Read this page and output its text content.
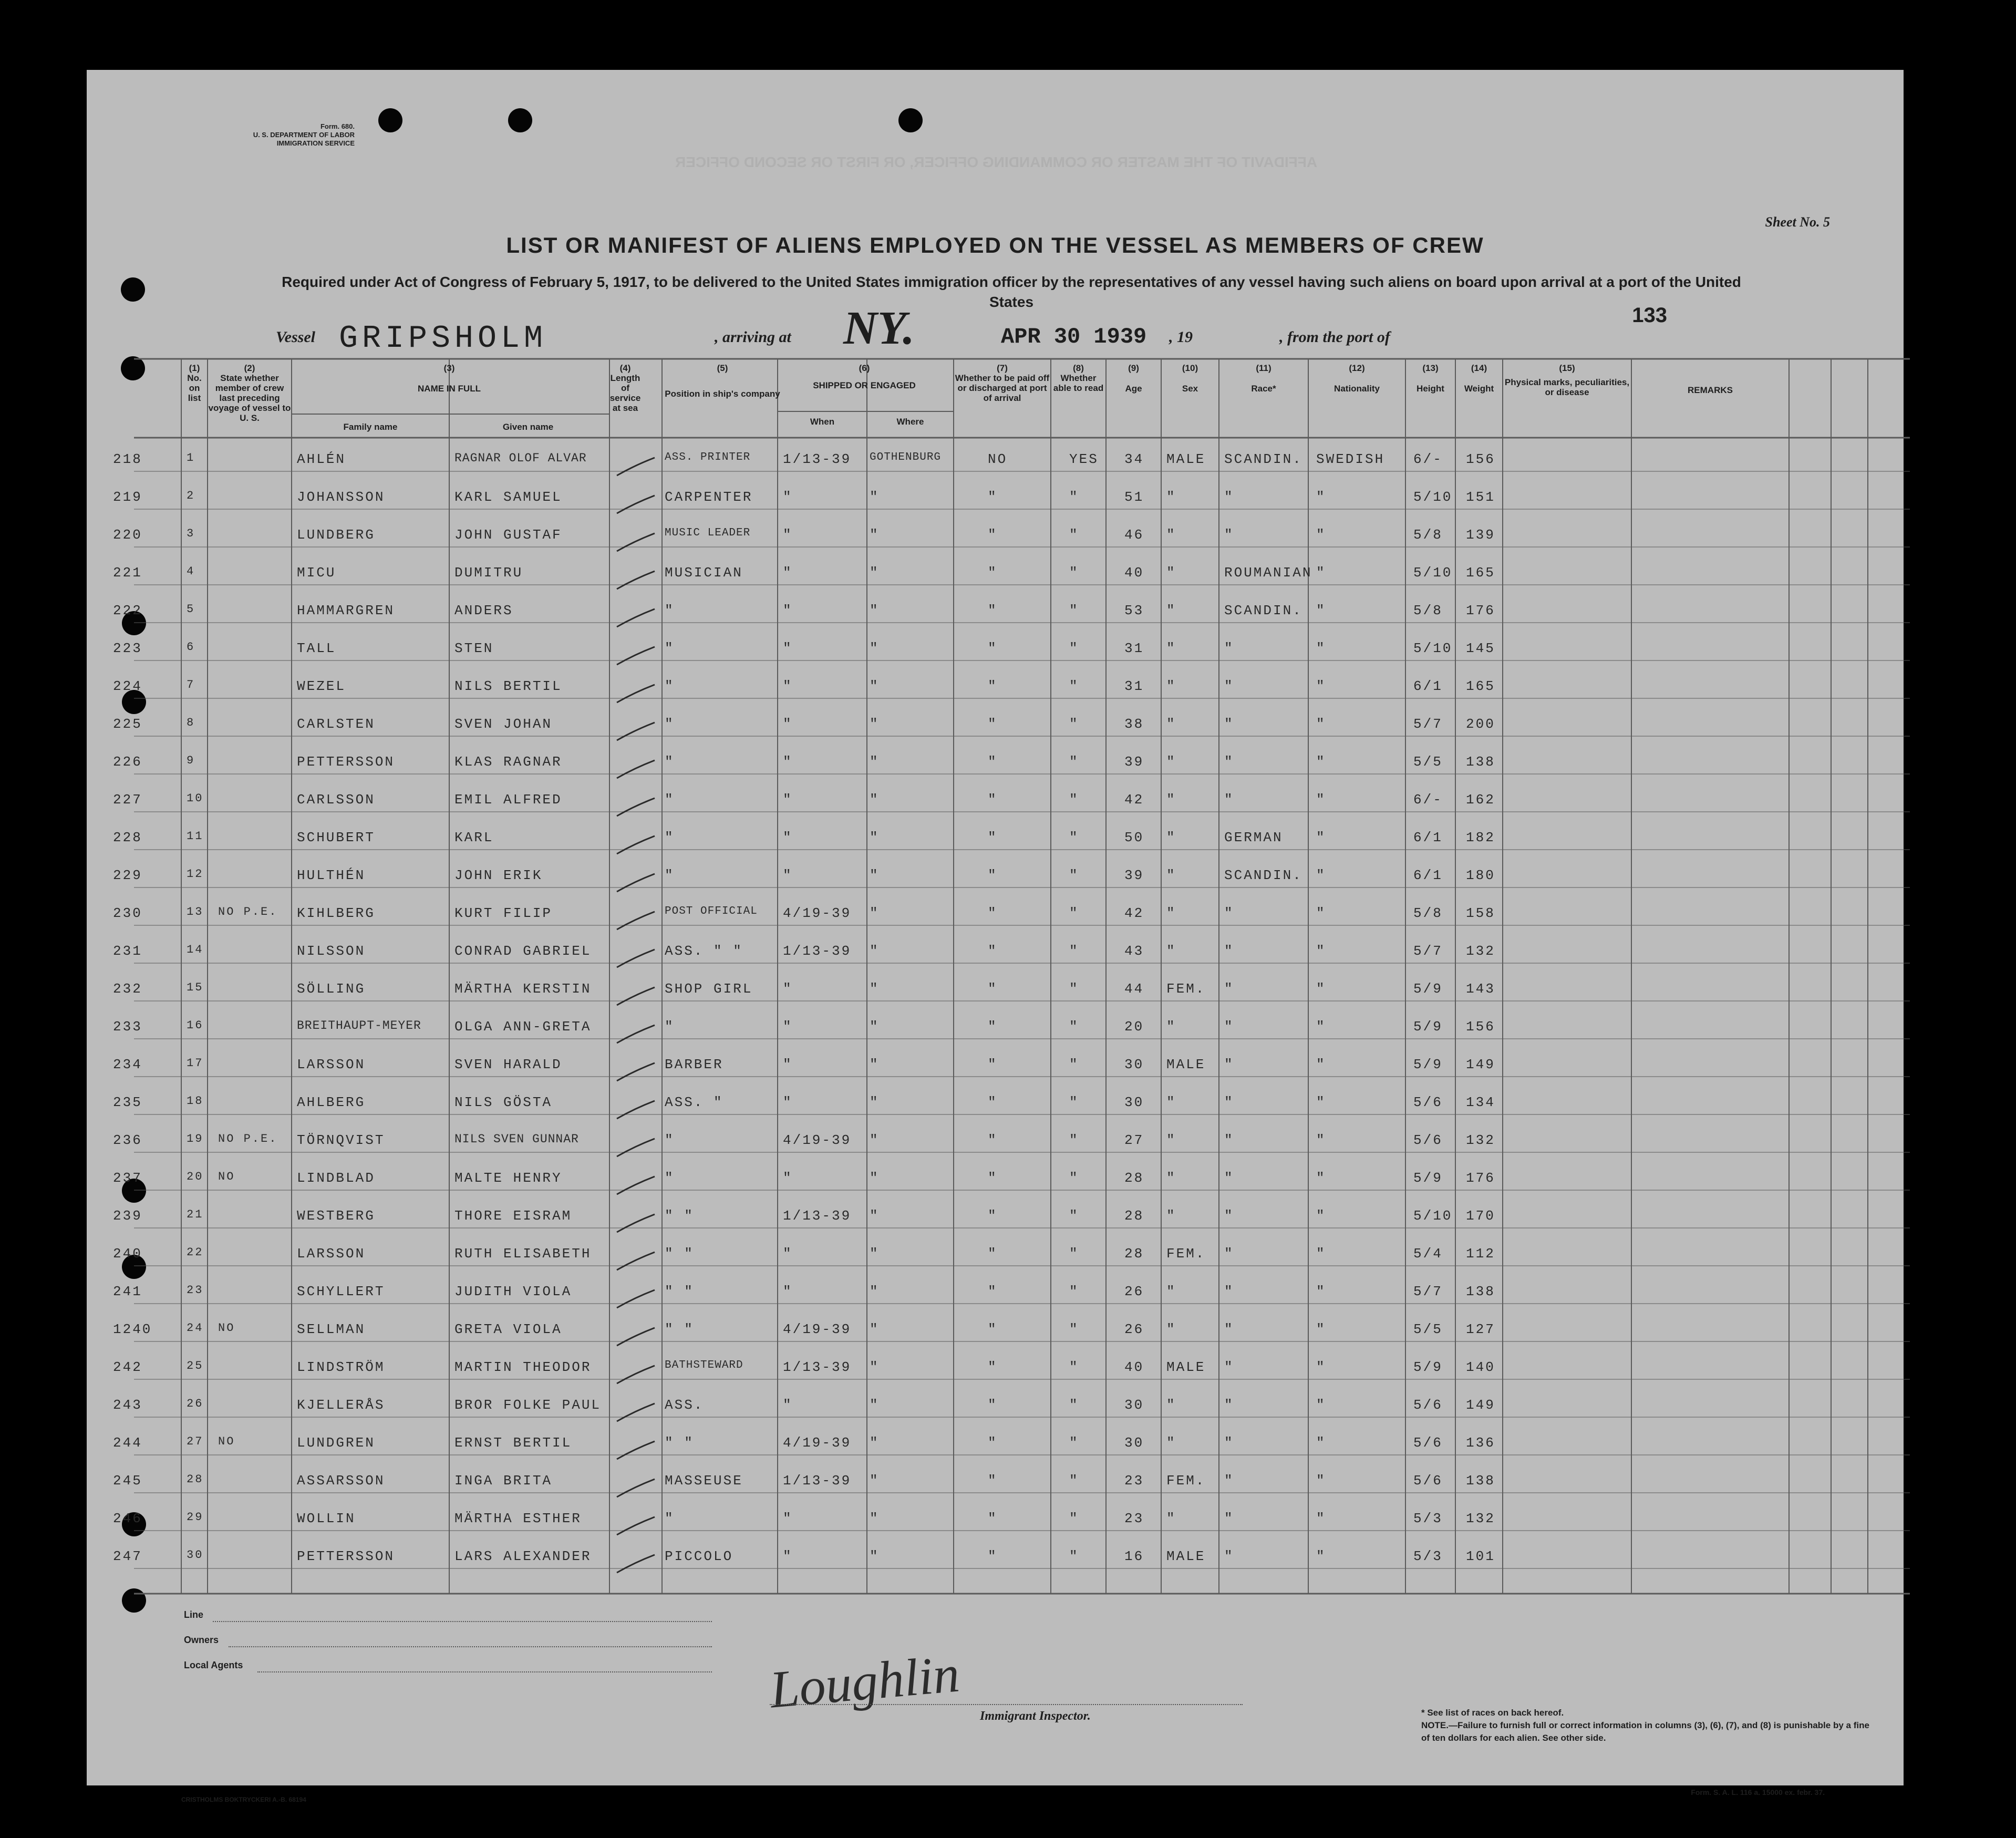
Form. 680.
U. S. DEPARTMENT OF LABOR
IMMIGRATION SERVICE
AFFIDAVIT OF THE MASTER OR COMMANDING OFFICER, OR FIRST OR SECOND OFFICER
Sheet No. 5
LIST OR MANIFEST OF ALIENS EMPLOYED ON THE VESSEL AS MEMBERS OF CREW
Required under Act of Congress of February 5, 1917, to be delivered to the United States immigration officer by the representatives of any vessel having such aliens on board upon arrival at a port of the United States
133
Vessel GRIPSHOLM	, arriving at NY.	APR 30 1939 , 19	, from the port of
(1)
No. on list
(2)
State whether member of crew last preceding voyage of vessel to U. S.
(3)
NAME IN FULL
Family name	Given name
(4)
Length of service at sea
(5)
Position in ship's company
(6)
SHIPPED OR ENGAGED
When	Where
(7)
Whether to be paid off or discharged at port of arrival
(8)
Whether able to read
(9)
Age
(10)
Sex
(11)
Race*
(12)
Nationality
(13)
Height
(14)
Weight
(15)
Physical marks, peculiarities, or disease	REMARKS
218	1	AHLÉN	RAGNAR OLOF ALVAR	ASS. PRINTER 1/13-39 GOTHENBURG	NO	YES 34 MALE SCANDIN. SWEDISH 6/- 156
219	2	JOHANSSON	KARL SAMUEL	CARPENTER "	"	"	"	51 "	"	"	5/10 151
220	3	LUNDBERG	JOHN GUSTAF	MUSIC LEADER "	"	"	"	46 "	"	"	5/8 139
221	4	MICU	DUMITRU	MUSICIAN	"	"	"	"	40 "	ROUMANIAN "	5/10 165
222	5	HAMMARGREN	ANDERS	"	"	"	"	"	53 "	SCANDIN. "	5/8 176
223	6	TALL	STEN	"	"	"	"	"	31 "	"	"	5/10 145
224	7	WEZEL	NILS BERTIL	"	"	"	"	"	31 "	"	"	6/1 165
225	8	CARLSTEN	SVEN JOHAN	"	"	"	"	"	38 "	"	"	5/7 200
226	9	PETTERSSON	KLAS RAGNAR	"	"	"	"	"	39 "	"	"	5/5 138
227	10	CARLSSON	EMIL ALFRED	"	"	"	"	"	42 "	"	"	6/- 162
228	11	SCHUBERT	KARL	"	"	"	"	"	50 "	GERMAN "	6/1 182
229	12	HULTHÉN	JOHN ERIK	"	"	"	"	"	39 "	SCANDIN. "	6/1 180
230	13 NO P.E. KIHLBERG	KURT FILIP	POST OFFICIAL 4/19-39 "	"	"	42 "	"	"	5/8 158
231	14	NILSSON	CONRAD GABRIEL	ASS. " "	1/13-39 "	"	"	43 "	"	"	5/7 132
232	15	SÖLLING	MÄRTHA KERSTIN	SHOP GIRL "	"	"	"	44 FEM. "	"	5/9 143
233	16	BREITHAUPT-MEYER OLGA ANN-GRETA	"	"	"	"	"	20 "	"	"	5/9 156
234	17	LARSSON	SVEN HARALD	BARBER	"	"	"	"	30 MALE "	"	5/9 149
235	18	AHLBERG	NILS GÖSTA	ASS. "	"	"	"	"	30 "	"	"	5/6 134
236	19 NO P.E. TÖRNQVIST	NILS SVEN GUNNAR	"	4/19-39 "	"	"	27 "	"	"	5/6 132
237	20 NO	LINDBLAD	MALTE HENRY	"	"	"	"	"	28 "	"	"	5/9 176
239	21	WESTBERG	THORE EISRAM	" "	1/13-39 "	"	"	28 "	"	"	5/10 170
240	22	LARSSON	RUTH ELISABETH	" "	"	"	"	"	28 FEM. "	"	5/4 112
241	23	SCHYLLERT	JUDITH VIOLA	" "	"	"	"	"	26 "	"	"	5/7 138
1240	24 NO	SELLMAN	GRETA VIOLA	" "	4/19-39 "	"	"	26 "	"	"	5/5 127
242	25	LINDSTRÖM	MARTIN THEODOR	BATHSTEWARD	1/13-39 "	"	"	40 MALE "	"	5/9 140
243	26	KJELLERÅS	BROR FOLKE PAUL	ASS.	"	"	"	"	30 "	"	"	5/6 149
244	27 NO	LUNDGREN	ERNST BERTIL	" "	4/19-39 "	"	"	30 "	"	"	5/6 136
245	28	ASSARSSON	INGA BRITA	MASSEUSE	1/13-39 "	"	"	23 FEM. "	"	5/6 138
246	29	WOLLIN	MÄRTHA ESTHER	"	"	"	"	"	23 "	"	"	5/3 132
247	30	PETTERSSON	LARS ALEXANDER	PICCOLO	"	"	"	"	16 MALE "	"	5/3 101
Line
Owners
Local Agents	Loughlin Immigrant Inspector.	* See list of races on back hereof.
NOTE.—Failure to furnish full or correct information in columns (3), (6), (7), and (8) is punishable by a fine of ten dollars for each alien. See other side.
CRISTHOLMS BOKTRYCKERI A.-B. 68194
Form. S. A. L. 116 a. 15000 ex. febr. 37.
